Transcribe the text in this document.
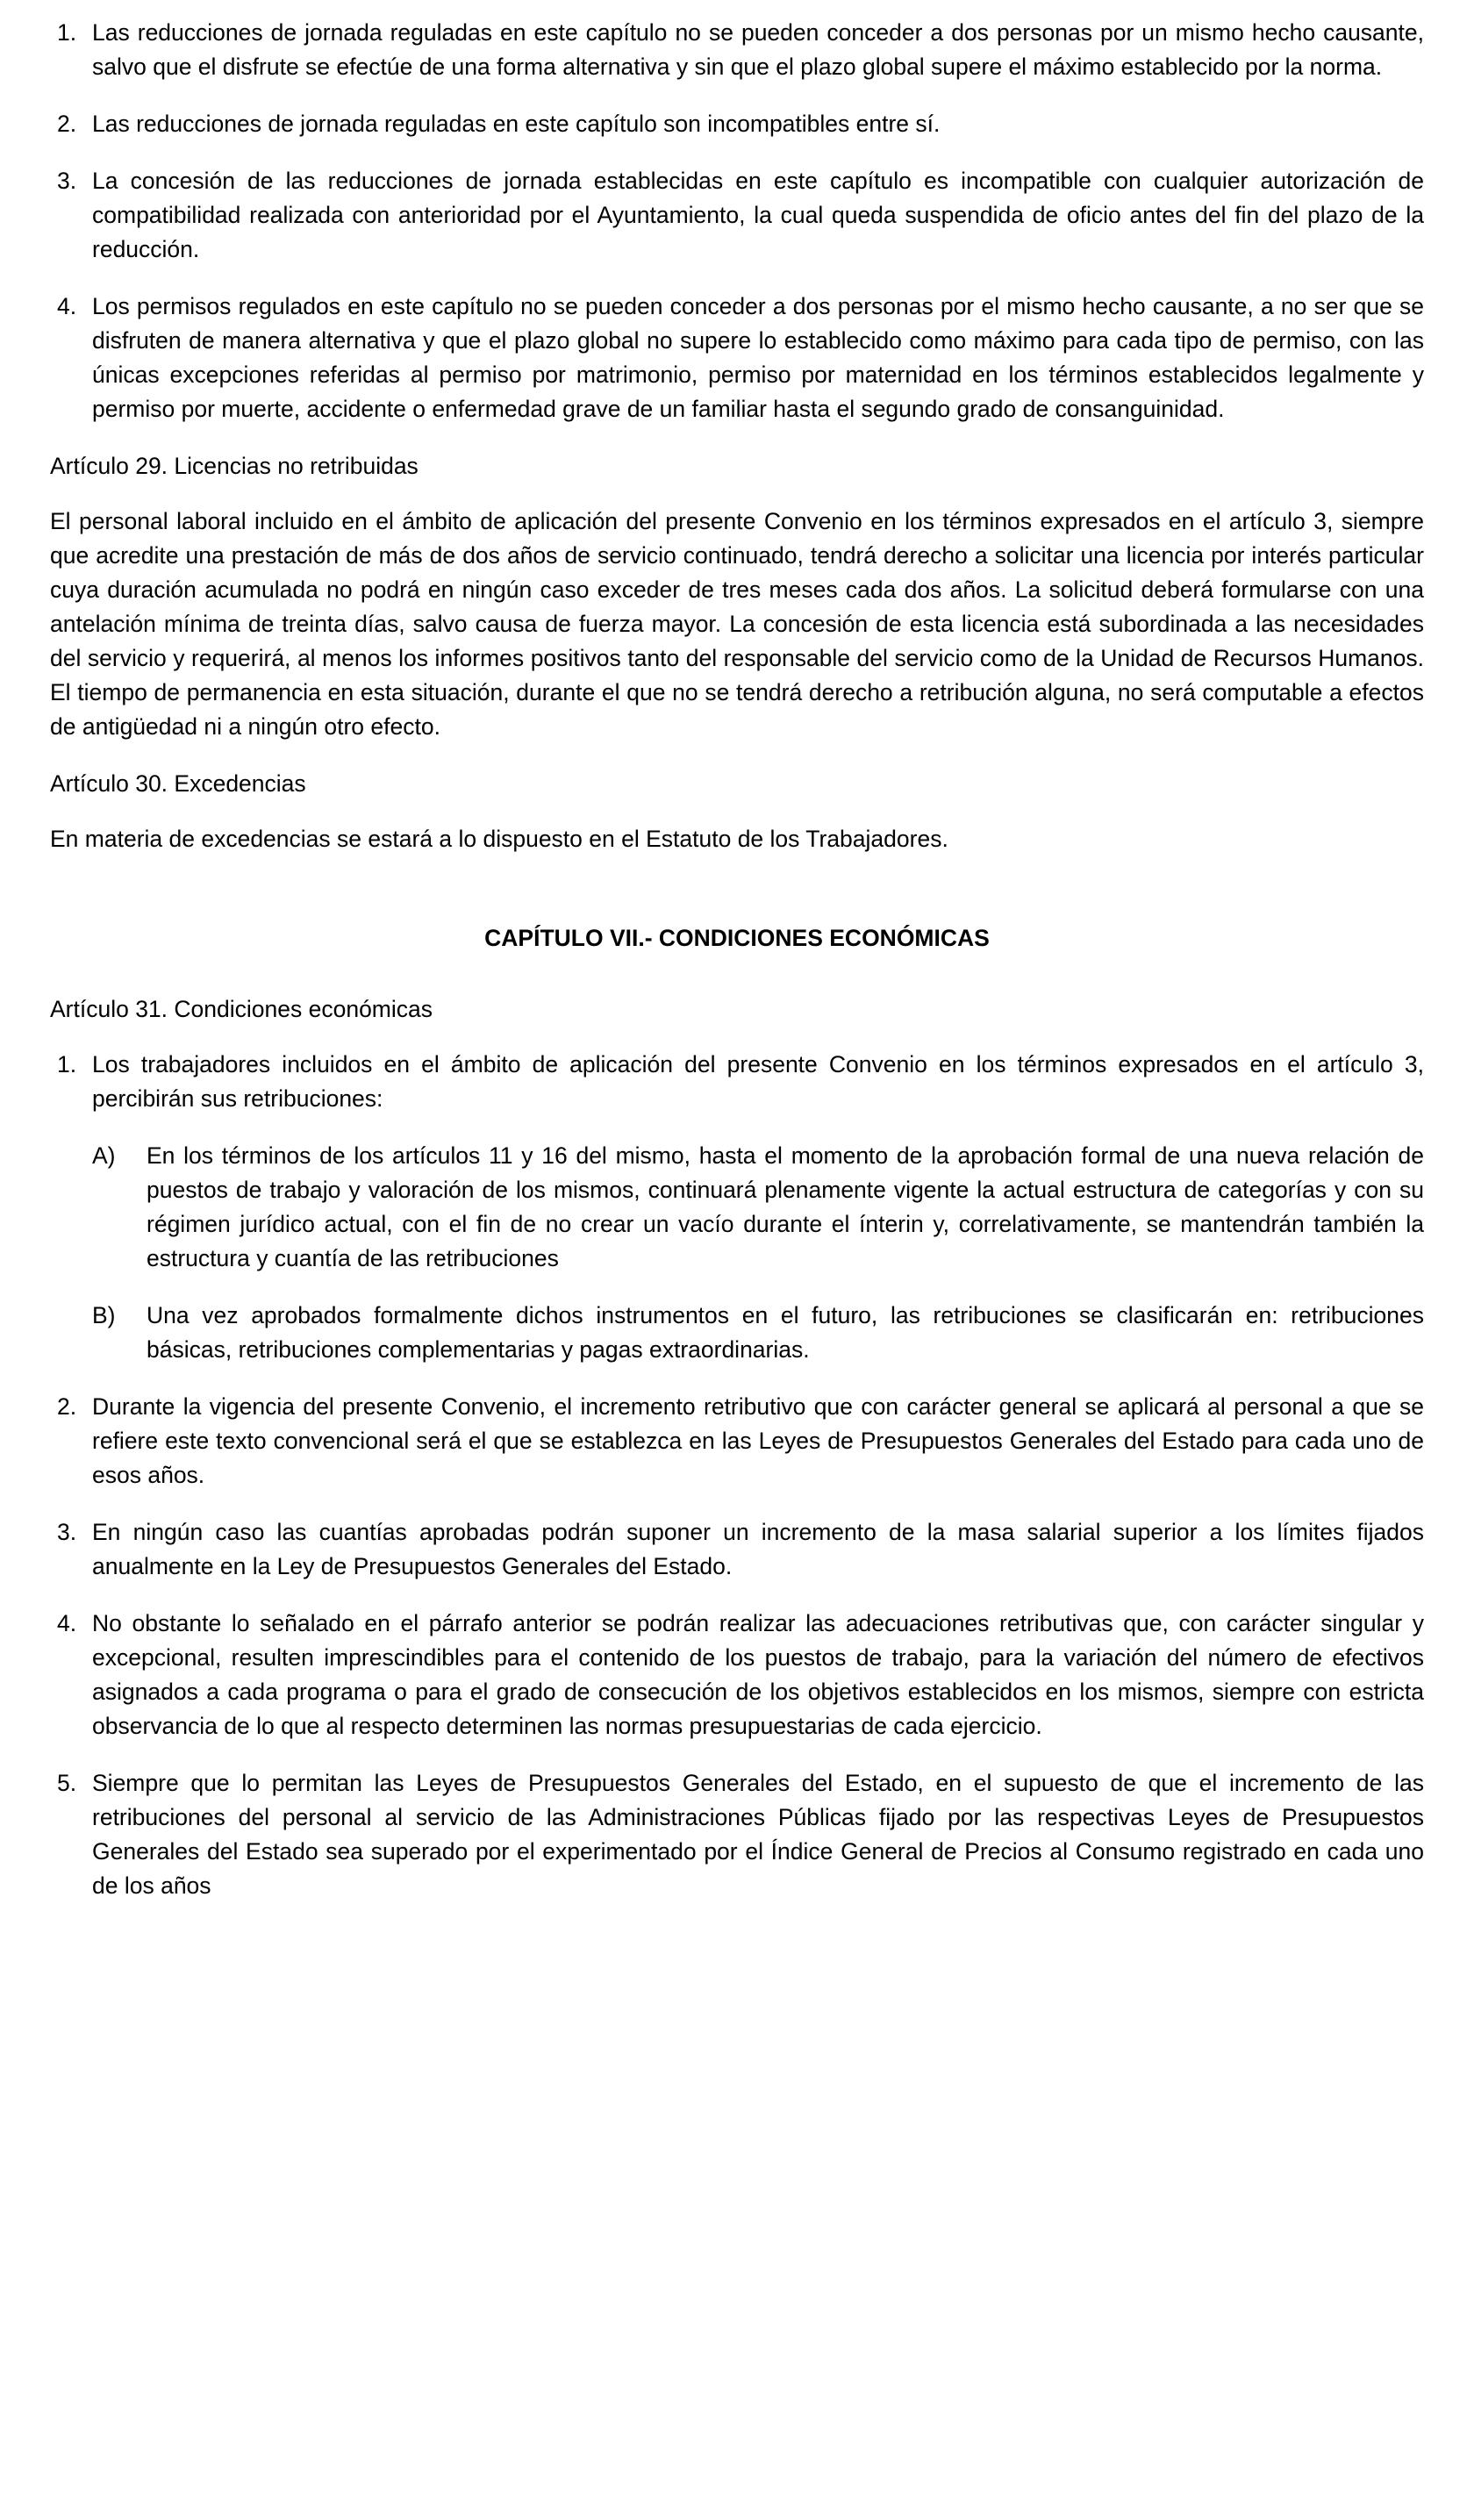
1. Las reducciones de jornada reguladas en este capítulo no se pueden conceder a dos personas por un mismo hecho causante, salvo que el disfrute se efectúe de una forma alternativa y sin que el plazo global supere el máximo establecido por la norma.
2. Las reducciones de jornada reguladas en este capítulo son incompatibles entre sí.
3. La concesión de las reducciones de jornada establecidas en este capítulo es incompatible con cualquier autorización de compatibilidad realizada con anterioridad por el Ayuntamiento, la cual queda suspendida de oficio antes del fin del plazo de la reducción.
4. Los permisos regulados en este capítulo no se pueden conceder a dos personas por el mismo hecho causante, a no ser que se disfruten de manera alternativa y que el plazo global no supere lo establecido como máximo para cada tipo de permiso, con las únicas excepciones referidas al permiso por matrimonio, permiso por maternidad en los términos establecidos legalmente y permiso por muerte, accidente o enfermedad grave de un familiar hasta el segundo grado de consanguinidad.
Artículo 29. Licencias no retribuidas
El personal laboral incluido en el ámbito de aplicación del presente Convenio en los términos expresados en el artículo 3, siempre que acredite una prestación de más de dos años de servicio continuado, tendrá derecho a solicitar una licencia por interés particular cuya duración acumulada no podrá en ningún caso exceder de tres meses cada dos años. La solicitud deberá formularse con una antelación mínima de treinta días, salvo causa de fuerza mayor. La concesión de esta licencia está subordinada a las necesidades del servicio y requerirá, al menos los informes positivos tanto del responsable del servicio como de la Unidad de Recursos Humanos. El tiempo de permanencia en esta situación, durante el que no se tendrá derecho a retribución alguna, no será computable a efectos de antigüedad ni a ningún otro efecto.
Artículo 30. Excedencias
En materia de excedencias se estará a lo dispuesto en el Estatuto de los Trabajadores.
CAPÍTULO VII.- CONDICIONES ECONÓMICAS
Artículo 31. Condiciones económicas
1. Los trabajadores incluidos en el ámbito de aplicación del presente Convenio en los términos expresados en el artículo 3, percibirán sus retribuciones:
A)	En los términos de los artículos 11 y 16 del mismo, hasta el momento de la aprobación formal de una nueva relación de puestos de trabajo y valoración de los mismos, continuará plenamente vigente la actual estructura de categorías y con su régimen jurídico actual, con el fin de no crear un vacío durante el ínterin y, correlativamente, se mantendrán también la estructura y cuantía de las retribuciones
B)	Una vez aprobados formalmente dichos instrumentos en el futuro, las retribuciones se clasificarán en: retribuciones básicas, retribuciones complementarias y pagas extraordinarias.
2. Durante la vigencia del presente Convenio, el incremento retributivo que con carácter general se aplicará al personal a que se refiere este texto convencional será el que se establezca en las Leyes de Presupuestos Generales del Estado para cada uno de esos años.
3. En ningún caso las cuantías aprobadas podrán suponer un incremento de la masa salarial superior a los límites fijados anualmente en la Ley de Presupuestos Generales del Estado.
4. No obstante lo señalado en el párrafo anterior se podrán realizar las adecuaciones retributivas que, con carácter singular y excepcional, resulten imprescindibles para el contenido de los puestos de trabajo, para la variación del número de efectivos asignados a cada programa o para el grado de consecución de los objetivos establecidos en los mismos, siempre con estricta observancia de lo que al respecto determinen las normas presupuestarias de cada ejercicio.
5. Siempre que lo permitan las Leyes de Presupuestos Generales del Estado, en el supuesto de que el incremento de las retribuciones del personal al servicio de las Administraciones Públicas fijado por las respectivas Leyes de Presupuestos Generales del Estado sea superado por el experimentado por el Índice General de Precios al Consumo registrado en cada uno de los años
